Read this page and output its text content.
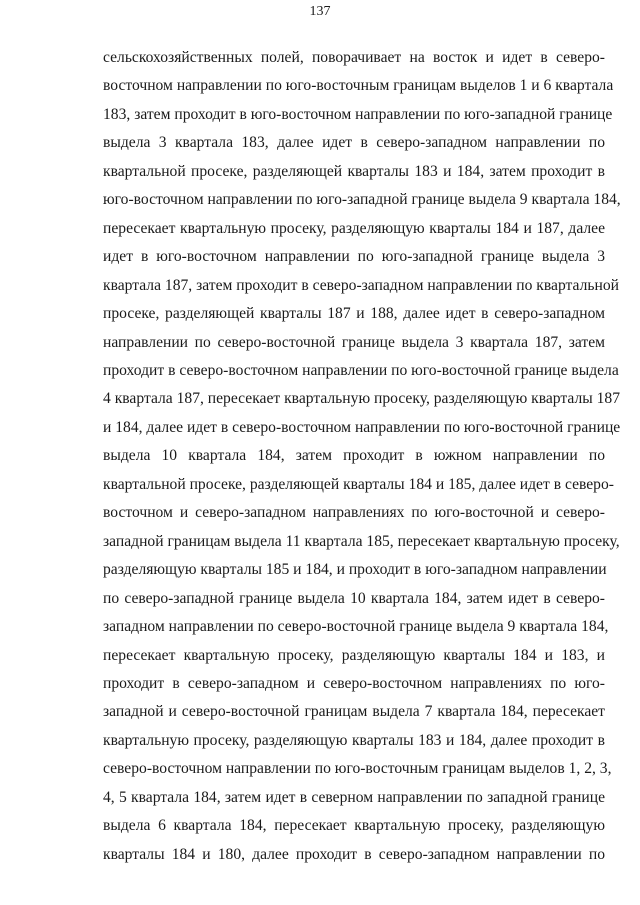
137
сельскохозяйственных полей, поворачивает на восток и идет в северо-
восточном направлении по юго-восточным границам выделов 1 и 6 квартала
183, затем проходит в юго-восточном направлении по юго-западной границе
выдела 3 квартала 183, далее идет в северо-западном направлении по
квартальной просеке, разделяющей кварталы 183 и 184, затем проходит в
юго-восточном направлении по юго-западной границе выдела 9 квартала 184,
пересекает квартальную просеку, разделяющую кварталы 184 и 187, далее
идет в юго-восточном направлении по юго-западной границе выдела 3
квартала 187, затем проходит в северо-западном направлении по квартальной
просеке, разделяющей кварталы 187 и 188, далее идет в северо-западном
направлении по северо-восточной границе выдела 3 квартала 187, затем
проходит в северо-восточном направлении по юго-восточной границе выдела
4 квартала 187, пересекает квартальную просеку, разделяющую кварталы 187
и 184, далее идет в северо-восточном направлении по юго-восточной границе
выдела 10 квартала 184, затем проходит в южном направлении по
квартальной просеке, разделяющей кварталы 184 и 185, далее идет в северо-
восточном и северо-западном направлениях по юго-восточной и северо-
западной границам выдела 11 квартала 185, пересекает квартальную просеку,
разделяющую кварталы 185 и 184, и проходит в юго-западном направлении
по северо-западной границе выдела 10 квартала 184, затем идет в северо-
западном направлении по северо-восточной границе выдела 9 квартала 184,
пересекает квартальную просеку, разделяющую кварталы 184 и 183, и
проходит в северо-западном и северо-восточном направлениях по юго-
западной и северо-восточной границам выдела 7 квартала 184, пересекает
квартальную просеку, разделяющую кварталы 183 и 184, далее проходит в
северо-восточном направлении по юго-восточным границам выделов 1, 2, 3,
4, 5 квартала 184, затем идет в северном направлении по западной границе
выдела 6 квартала 184, пересекает квартальную просеку, разделяющую
кварталы 184 и 180, далее проходит в северо-западном направлении по
